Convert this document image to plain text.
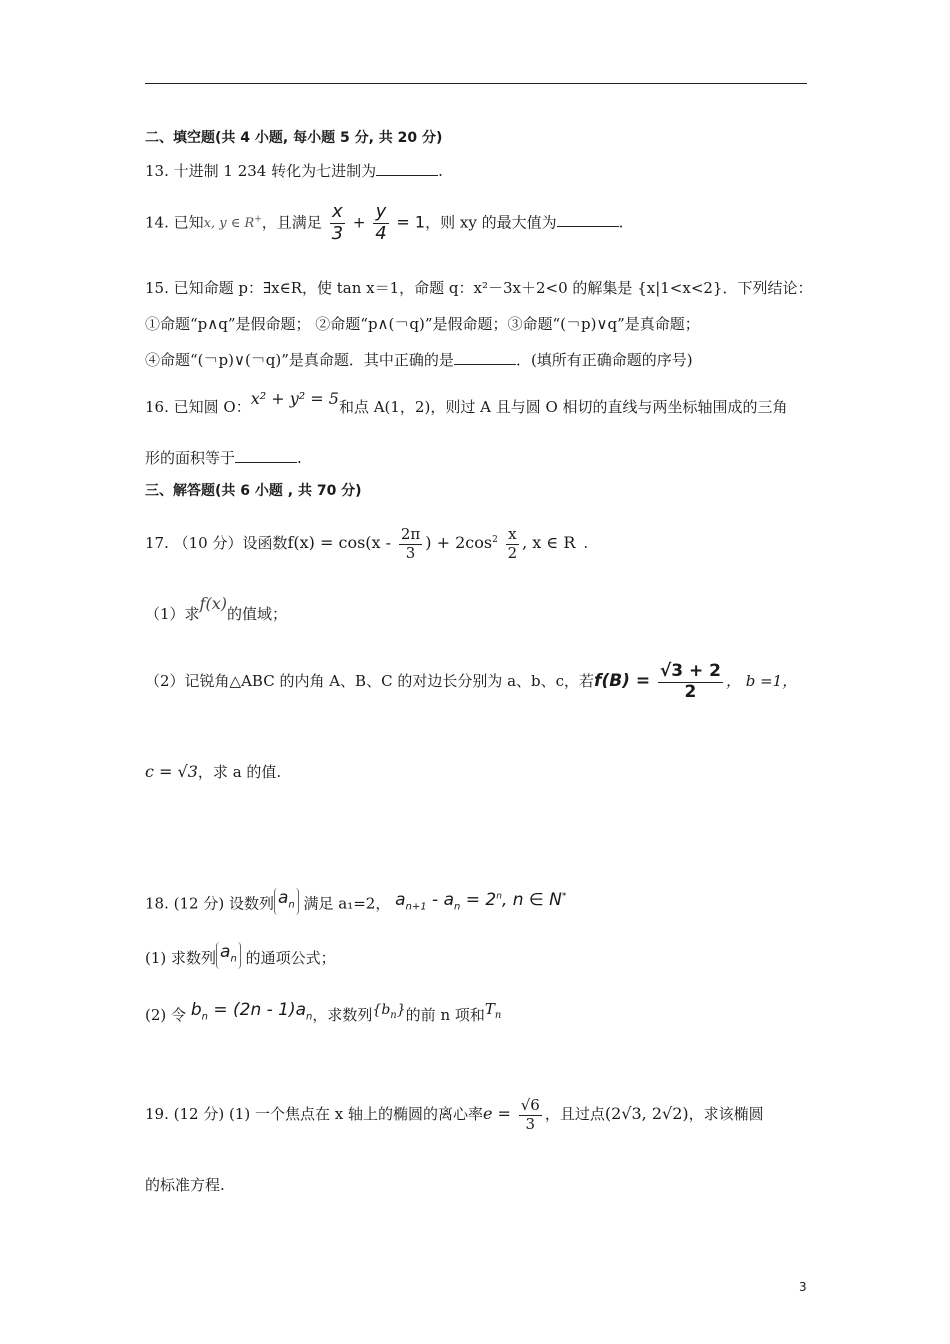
二、填空题(共 4 小题, 每小题 5 分, 共 20 分)
13. 十进制 1 234 转化为七进制为	.
14. 已知x, y ∈ R+，且满足 $\frac{x}{3} + \frac{y}{4} = 1$，则 xy 的最大值为	.
15. 已知命题 p：∃x∈R，使 tan x＝1，命题 q：x²－3x＋2<0 的解集是 {x|1<x<2}．下列结论：
①命题“p∧q”是假命题； ②命题“p∧(￢q)”是假命题；③命题“(￢p)∨q”是真命题；
④命题“(￢p)∨(￢q)”是真命题．其中正确的是	．(填所有正确命题的序号)
16. 已知圆 O：x² + y² = 5和点 A(1，2)，则过 A 且与圆 O 相切的直线与两坐标轴围成的三角
形的面积等于	.
三、解答题(共 6 小题 , 共 70 分)
17. （10 分）设函数$f(x) = \cos(x - \frac{2\pi}{3}$ ) + $2\cos^2 \frac{x}{2}$ , x ∈ R .
（1）求f(x)的值域；
（2）记锐角△ABC 的内角 A、B、C 的对边长分别为 a、b、c，若$f(B) = \frac{√3 + 2}{2}$ ， b =1，
c = √3，求 a 的值.
18. (12 分) 设数列 $a_n$ 满足 a₁=2， $a_{n+1} - a_n = 2^n$, n ∈ N*
(1) 求数列 $a_n$ 的通项公式；
(2) 令 $b_n = (2n - 1)a_n$，求数列$\{b_n\}$的前 n 项和$T_n$
19. (12 分) (1) 一个焦点在 x 轴上的椭圆的离心率$e = \frac{√6}{3}$ ，且过点(2√3, 2√2)，求该椭圆
的标准方程.
3
